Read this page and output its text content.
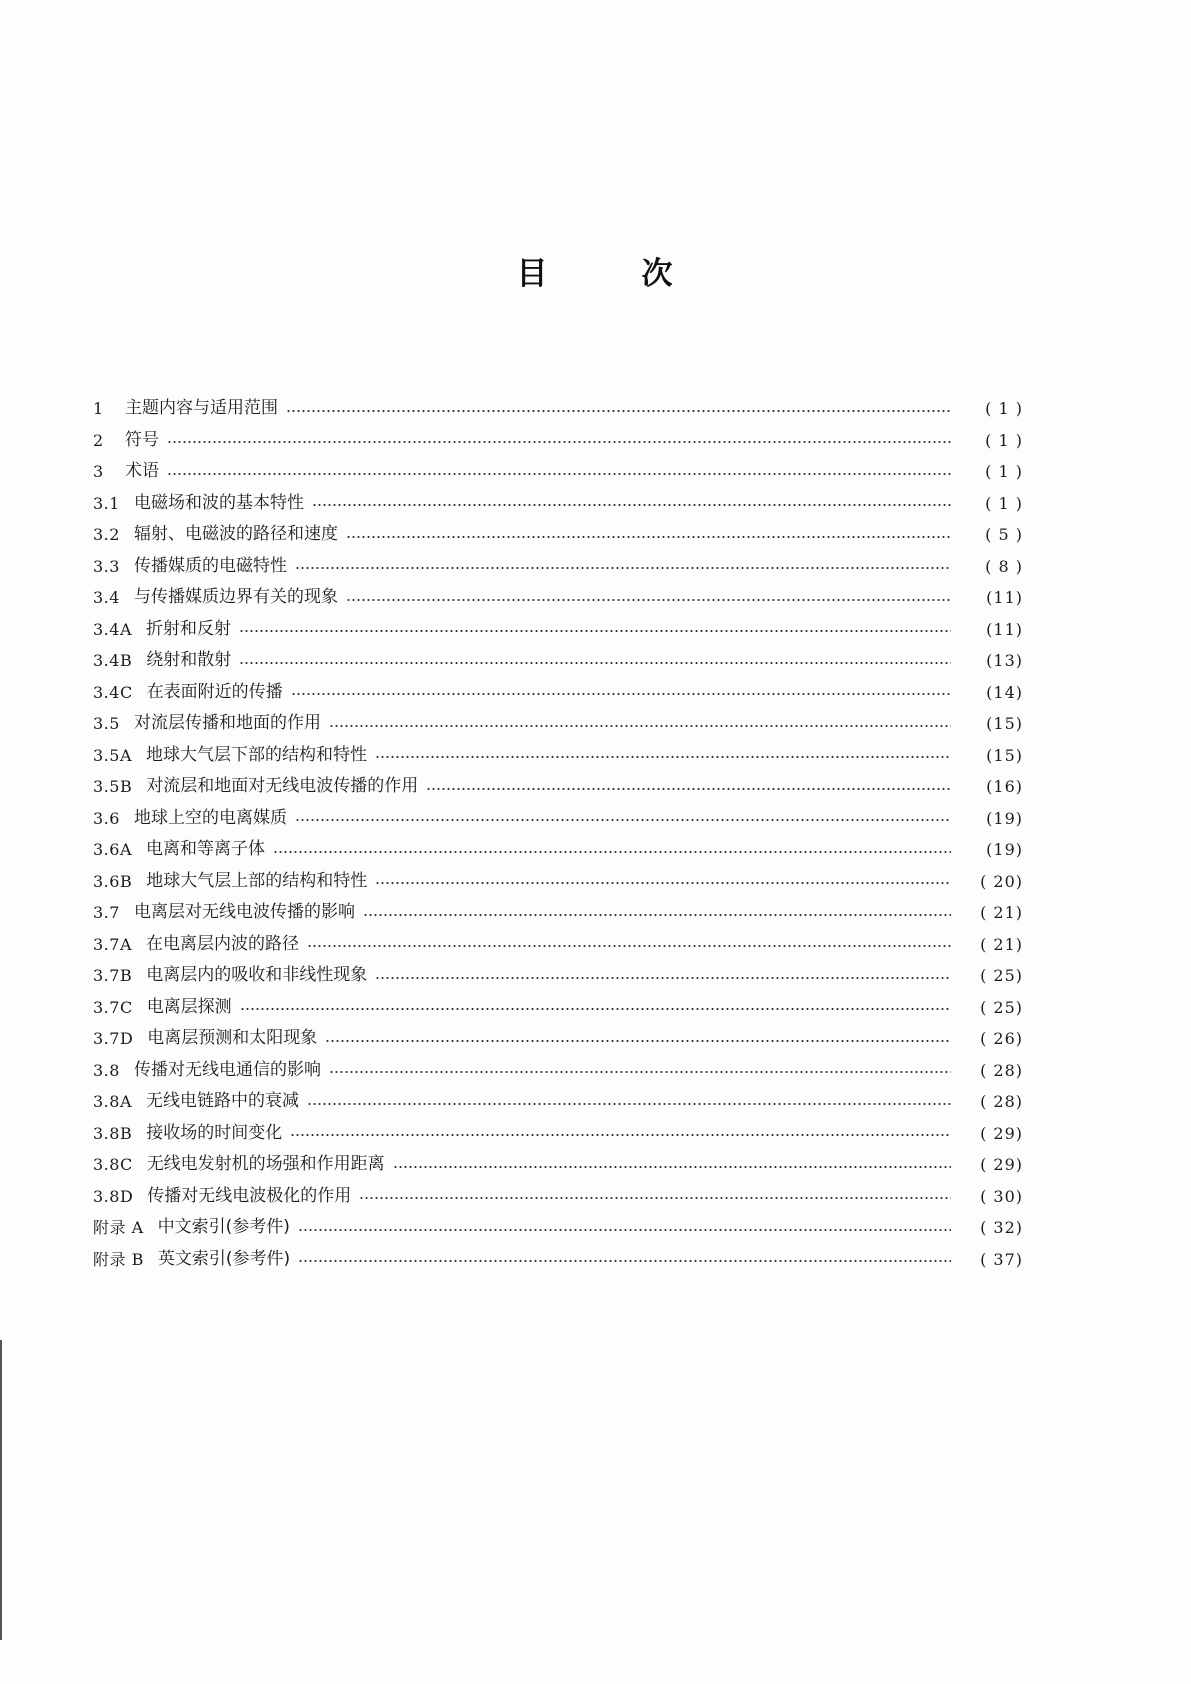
目	次
1	主题内容与适用范围	( 1 )
2	符号	( 1 )
3	术语	( 1 )
3.1 电磁场和波的基本特性	( 1 )
3.2 辐射、电磁波的路径和速度	( 5 )
3.3 传播媒质的电磁特性	( 8 )
3.4 与传播媒质边界有关的现象	(11)
3.4A 折射和反射	(11)
3.4B 绕射和散射	(13)
3.4C 在表面附近的传播	(14)
3.5 对流层传播和地面的作用	(15)
3.5A 地球大气层下部的结构和特性	(15)
3.5B 对流层和地面对无线电波传播的作用	(16)
3.6 地球上空的电离媒质	(19)
3.6A 电离和等离子体	(19)
3.6B 地球大气层上部的结构和特性	( 20)
3.7 电离层对无线电波传播的影响	( 21)
3.7A 在电离层内波的路径	( 21)
3.7B 电离层内的吸收和非线性现象	( 25)
3.7C 电离层探测	( 25)
3.7D 电离层预测和太阳现象	( 26)
3.8 传播对无线电通信的影响	( 28)
3.8A 无线电链路中的衰减	( 28)
3.8B 接收场的时间变化	( 29)
3.8C 无线电发射机的场强和作用距离	( 29)
3.8D 传播对无线电波极化的作用	( 30)
附录 A 中文索引(参考件)	( 32)
附录 B 英文索引(参考件)	( 37)
